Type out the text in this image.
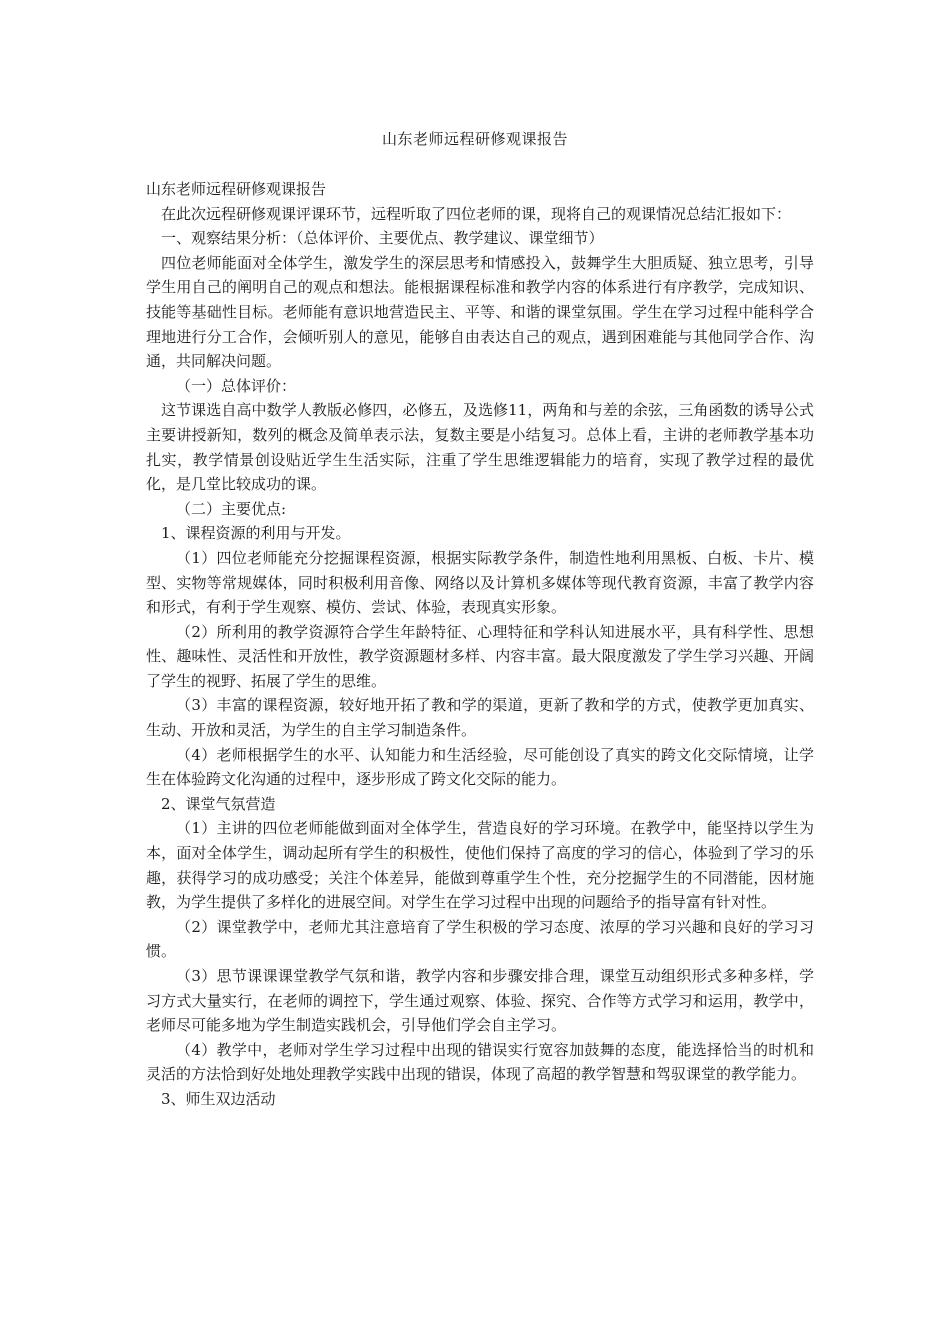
山东老师远程研修观课报告

山东老师远程研修观课报告

在此次远程研修观课评课环节，远程听取了四位老师的课，现将自己的观课情况总结汇报如下：

一、观察结果分析：（总体评价、主要优点、教学建议、课堂细节）

四位老师能面对全体学生，激发学生的深层思考和情感投入，鼓舞学生大胆质疑、独立思考，引导学生用自己的阐明自己的观点和想法。能根据课程标准和教学内容的体系进行有序教学，完成知识、技能等基础性目标。老师能有意识地营造民主、平等、和谐的课堂氛围。学生在学习过程中能科学合理地进行分工合作，会倾听别人的意见，能够自由表达自己的观点，遇到困难能与其他同学合作、沟通，共同解决问题。

（一）总体评价：

这节课选自高中数学人教版必修四，必修五，及选修11，两角和与差的余弦，三角函数的诱导公式主要讲授新知，数列的概念及简单表示法，复数主要是小结复习。总体上看，主讲的老师教学基本功扎实，教学情景创设贴近学生生活实际，注重了学生思维逻辑能力的培育，实现了教学过程的最优化，是几堂比较成功的课。

（二）主要优点:

1、课程资源的利用与开发。

（1）四位老师能充分挖掘课程资源，根据实际教学条件，制造性地利用黑板、白板、卡片、模型、实物等常规媒体，同时积极利用音像、网络以及计算机多媒体等现代教育资源，丰富了教学内容和形式，有利于学生观察、模仿、尝试、体验，表现真实形象。

（2）所利用的教学资源符合学生年龄特征、心理特征和学科认知进展水平，具有科学性、思想性、趣味性、灵活性和开放性，教学资源题材多样、内容丰富。最大限度激发了学生学习兴趣、开阔了学生的视野、拓展了学生的思维。

（3）丰富的课程资源，较好地开拓了教和学的渠道，更新了教和学的方式，使教学更加真实、生动、开放和灵活，为学生的自主学习制造条件。

（4）老师根据学生的水平、认知能力和生活经验，尽可能创设了真实的跨文化交际情境，让学生在体验跨文化沟通的过程中，逐步形成了跨文化交际的能力。

2、课堂气氛营造

（1）主讲的四位老师能做到面对全体学生，营造良好的学习环境。在教学中，能坚持以学生为本，面对全体学生，调动起所有学生的积极性，使他们保持了高度的学习的信心，体验到了学习的乐趣，获得学习的成功感受；关注个体差异，能做到尊重学生个性，充分挖掘学生的不同潜能，因材施教，为学生提供了多样化的进展空间。对学生在学习过程中出现的问题给予的指导富有针对性。

（2）课堂教学中，老师尤其注意培育了学生积极的学习态度、浓厚的学习兴趣和良好的学习习惯。

（3）思节课课课堂教学气氛和谐，教学内容和步骤安排合理，课堂互动组织形式多种多样，学习方式大量实行，在老师的调控下，学生通过观察、体验、探究、合作等方式学习和运用，教学中，老师尽可能多地为学生制造实践机会，引导他们学会自主学习。

（4）教学中，老师对学生学习过程中出现的错误实行宽容加鼓舞的态度，能选择恰当的时机和灵活的方法恰到好处地处理教学实践中出现的错误，体现了高超的教学智慧和驾驭课堂的教学能力。

3、师生双边活动
